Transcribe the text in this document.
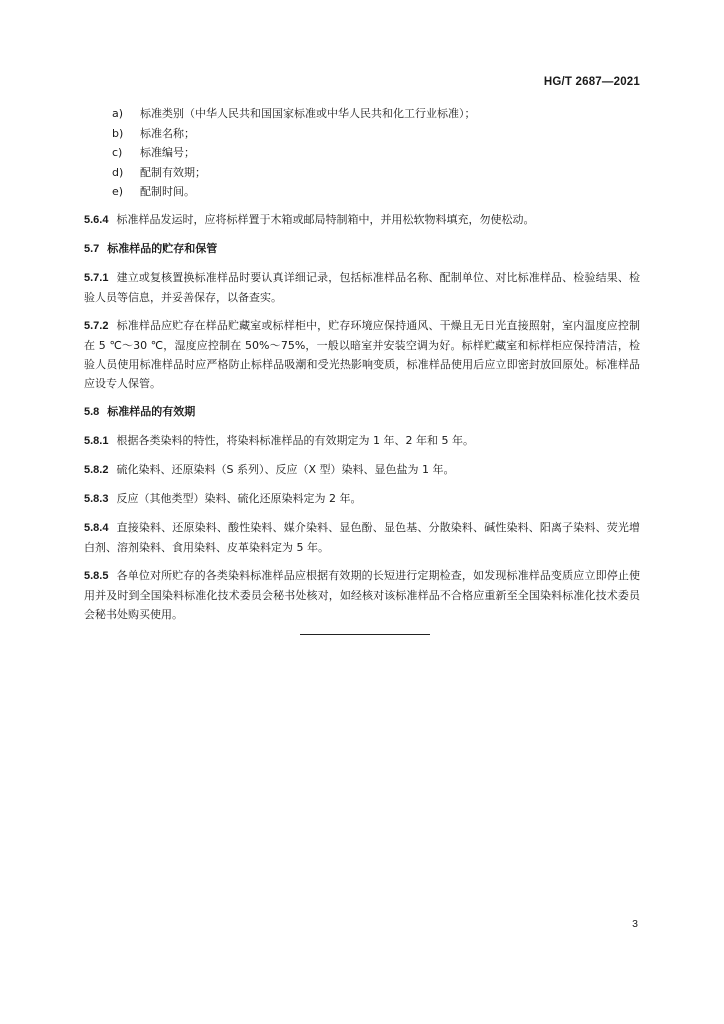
HG/T 2687—2021
a)	标准类别（中华人民共和国国家标准或中华人民共和化工行业标准）；
b)	标准名称；
c)	标准编号；
d)	配制有效期；
e)	配制时间。

5.6.4 标准样品发运时，应将标样置于木箱或邮局特制箱中，并用松软物料填充，勿使松动。

5.7 标准样品的贮存和保管

5.7.1 建立或复核置换标准样品时要认真详细记录，包括标准样品名称、配制单位、对比标准样品、检验结果、检验人员等信息，并妥善保存，以备查实。

5.7.2 标准样品应贮存在样品贮藏室或标样柜中，贮存环境应保持通风、干燥且无日光直接照射，室内温度应控制在 5 ℃～30 ℃，湿度应控制在 50%～75%，一般以暗室并安装空调为好。标样贮藏室和标样柜应保持清洁，检验人员使用标准样品时应严格防止标样品吸潮和受光热影响变质，标准样品使用后应立即密封放回原处。标准样品应设专人保管。

5.8 标准样品的有效期

5.8.1 根据各类染料的特性，将染料标准样品的有效期定为 1 年、2 年和 5 年。

5.8.2 硫化染料、还原染料（S 系列）、反应（X 型）染料、显色盐为 1 年。

5.8.3 反应（其他类型）染料、硫化还原染料定为 2 年。

5.8.4 直接染料、还原染料、酸性染料、媒介染料、显色酚、显色基、分散染料、碱性染料、阳离子染料、荧光增白剂、溶剂染料、食用染料、皮革染料定为 5 年。

5.8.5 各单位对所贮存的各类染料标准样品应根据有效期的长短进行定期检查，如发现标准样品变质应立即停止使用并及时到全国染料标准化技术委员会秘书处核对，如经核对该标准样品不合格应重新至全国染料标准化技术委员会秘书处购买使用。

3
